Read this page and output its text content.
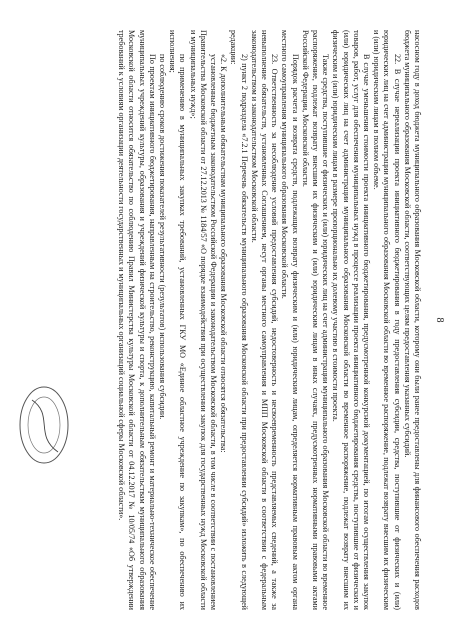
8

насосном году в доход бюджета муниципального образования Московской области, которому они были ранее предоставлены для финансового обеспечения расходов бюджета муниципального образования Московской области, соответствующих целям предоставления указанных субсидий.

22. В случае нереализации проекта инициативного бюджетирования в году предоставления субсидии, средства, поступившие от физических и (или) юридических лиц на счет администрации муниципального образования Московской области во временное распоряжение, подлежат возврату внесшим их физическим и (или) юридическим лицам в полном объеме.

В случае уменьшения стоимости проекта инициативного бюджетирования, предусмотренной конкурсной документацией, по итогам осуществления закупок товаров, работ, услуг для обеспечения муниципальных нужд в процессе реализации проекта инициативного бюджетирования средства, поступившие от физических и (или) юридических лиц на счет администрации муниципального образования Московской области во временное распоряжение, подлежат возврату внесшим их физическим и (или) юридическим лицам в размере пропорционально их долевому участию в стоимости проекта.

Также средства, поступившие от физических и (или) юридических лиц на счет администрации муниципального образования Московской области во временное распоряжение, подлежат возврату внесшим их физическим и (или) юридическим лицам в иных случаях, предусмотренных нормативными правовыми актами Российской Федерации, Московской области.

Порядок расчета и возврата средств, подлежащих возврату физическим и (или) юридическим лицам, определяется нормативным правовым актом органа местного самоуправления муниципального образования Московской области.

23. Ответственность за несоблюдение условий предоставления субсидий, недостоверность и несвоевременность представляемых сведений, а также за невыполнение обязательств, установленных Соглашением, несут органы местного самоуправления и МПП Московской области в соответствии с федеральным законодательством и законодательством Московской области.

2) пункт 2 подраздела «7.2.1 Перечень обязательств муниципального образования Московской области при предоставлении субсидий» изложить в следующей редакции:

«2. К дополнительным обязательствам муниципального образования Московской области относятся обязательства:

установленные бюджетным законодательством Российской Федерации и законодательством Московской области, в том числе в соответствии с постановлением Правительства Московской области от 27.12.2013 № 1184/57 «О порядке взаимодействия при осуществлении закупок для государственных нужд Московской области и муниципальных нужд»;

по применению в муниципальных закупках требований, установленных ГКУ МО «Единое областное учреждение по закупкам», по обеспечению их исполнения;

по соблюдению сроков достижения показателей результативности (результатов) использования субсидии.

По проектам инициативного бюджетирования, направленным на строительство, реконструкцию, капитальный ремонт и материально-техническое обеспечение муниципальных учреждений культуры, образования и учреждений физической культуры и спорта, к дополнительным обязательствам муниципального образования Московской области относится обязательство по соблюдению Правил Министерства культуры Московской области от 04.12.2017 № 10/05/74 «Об утверждении требований к условиям организации деятельности государственных и муниципальных организаций социальной сферы Московской области».
